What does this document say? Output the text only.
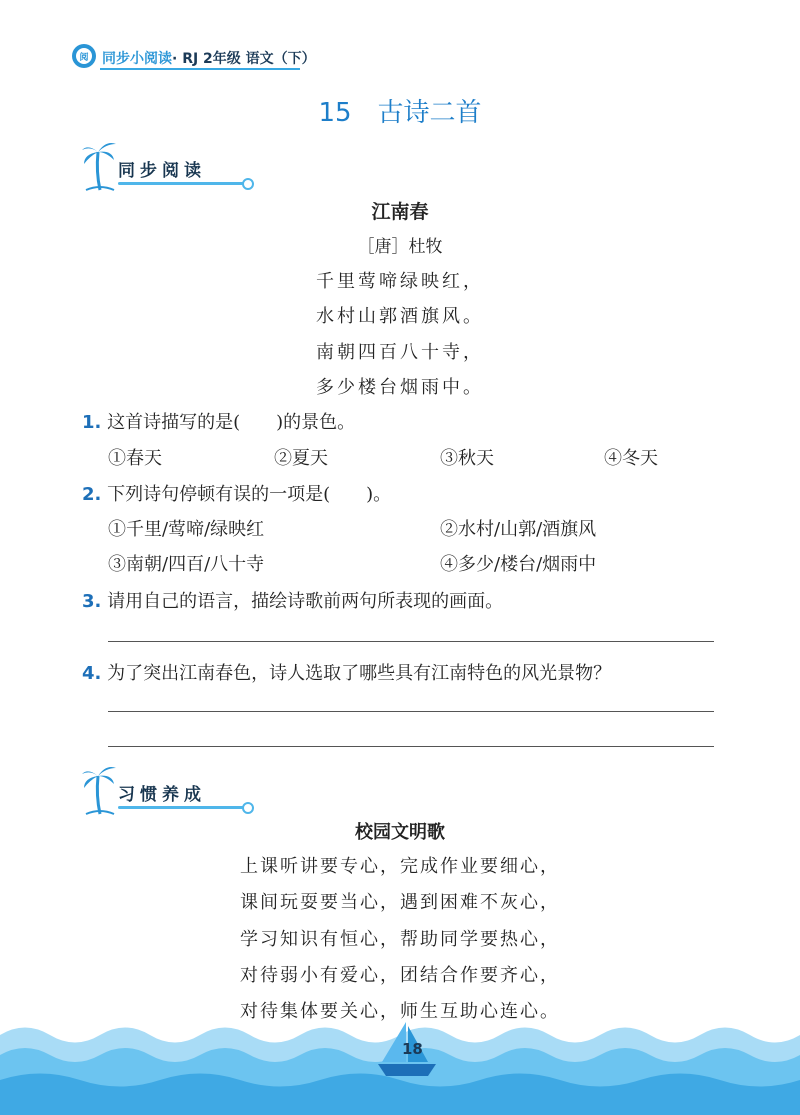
阅 同步小阅读· RJ 2年级 语文（下）
15 古诗二首
同步阅读
江南春
［唐］杜牧
千里莺啼绿映红，
水村山郭酒旗风。
南朝四百八十寺，
多少楼台烟雨中。
1. 这首诗描写的是(　　)的景色。
①春天	②夏天	③秋天	④冬天
2. 下列诗句停顿有误的一项是(　　)。
①千里/莺啼/绿映红	②水村/山郭/酒旗风
③南朝/四百/八十寺	④多少/楼台/烟雨中
3. 请用自己的语言，描绘诗歌前两句所表现的画面。
4. 为了突出江南春色，诗人选取了哪些具有江南特色的风光景物？
习惯养成
校园文明歌
上课听讲要专心，完成作业要细心，
课间玩耍要当心，遇到困难不灰心，
学习知识有恒心，帮助同学要热心，
对待弱小有爱心，团结合作要齐心，
对待集体要关心，师生互助心连心。
18
